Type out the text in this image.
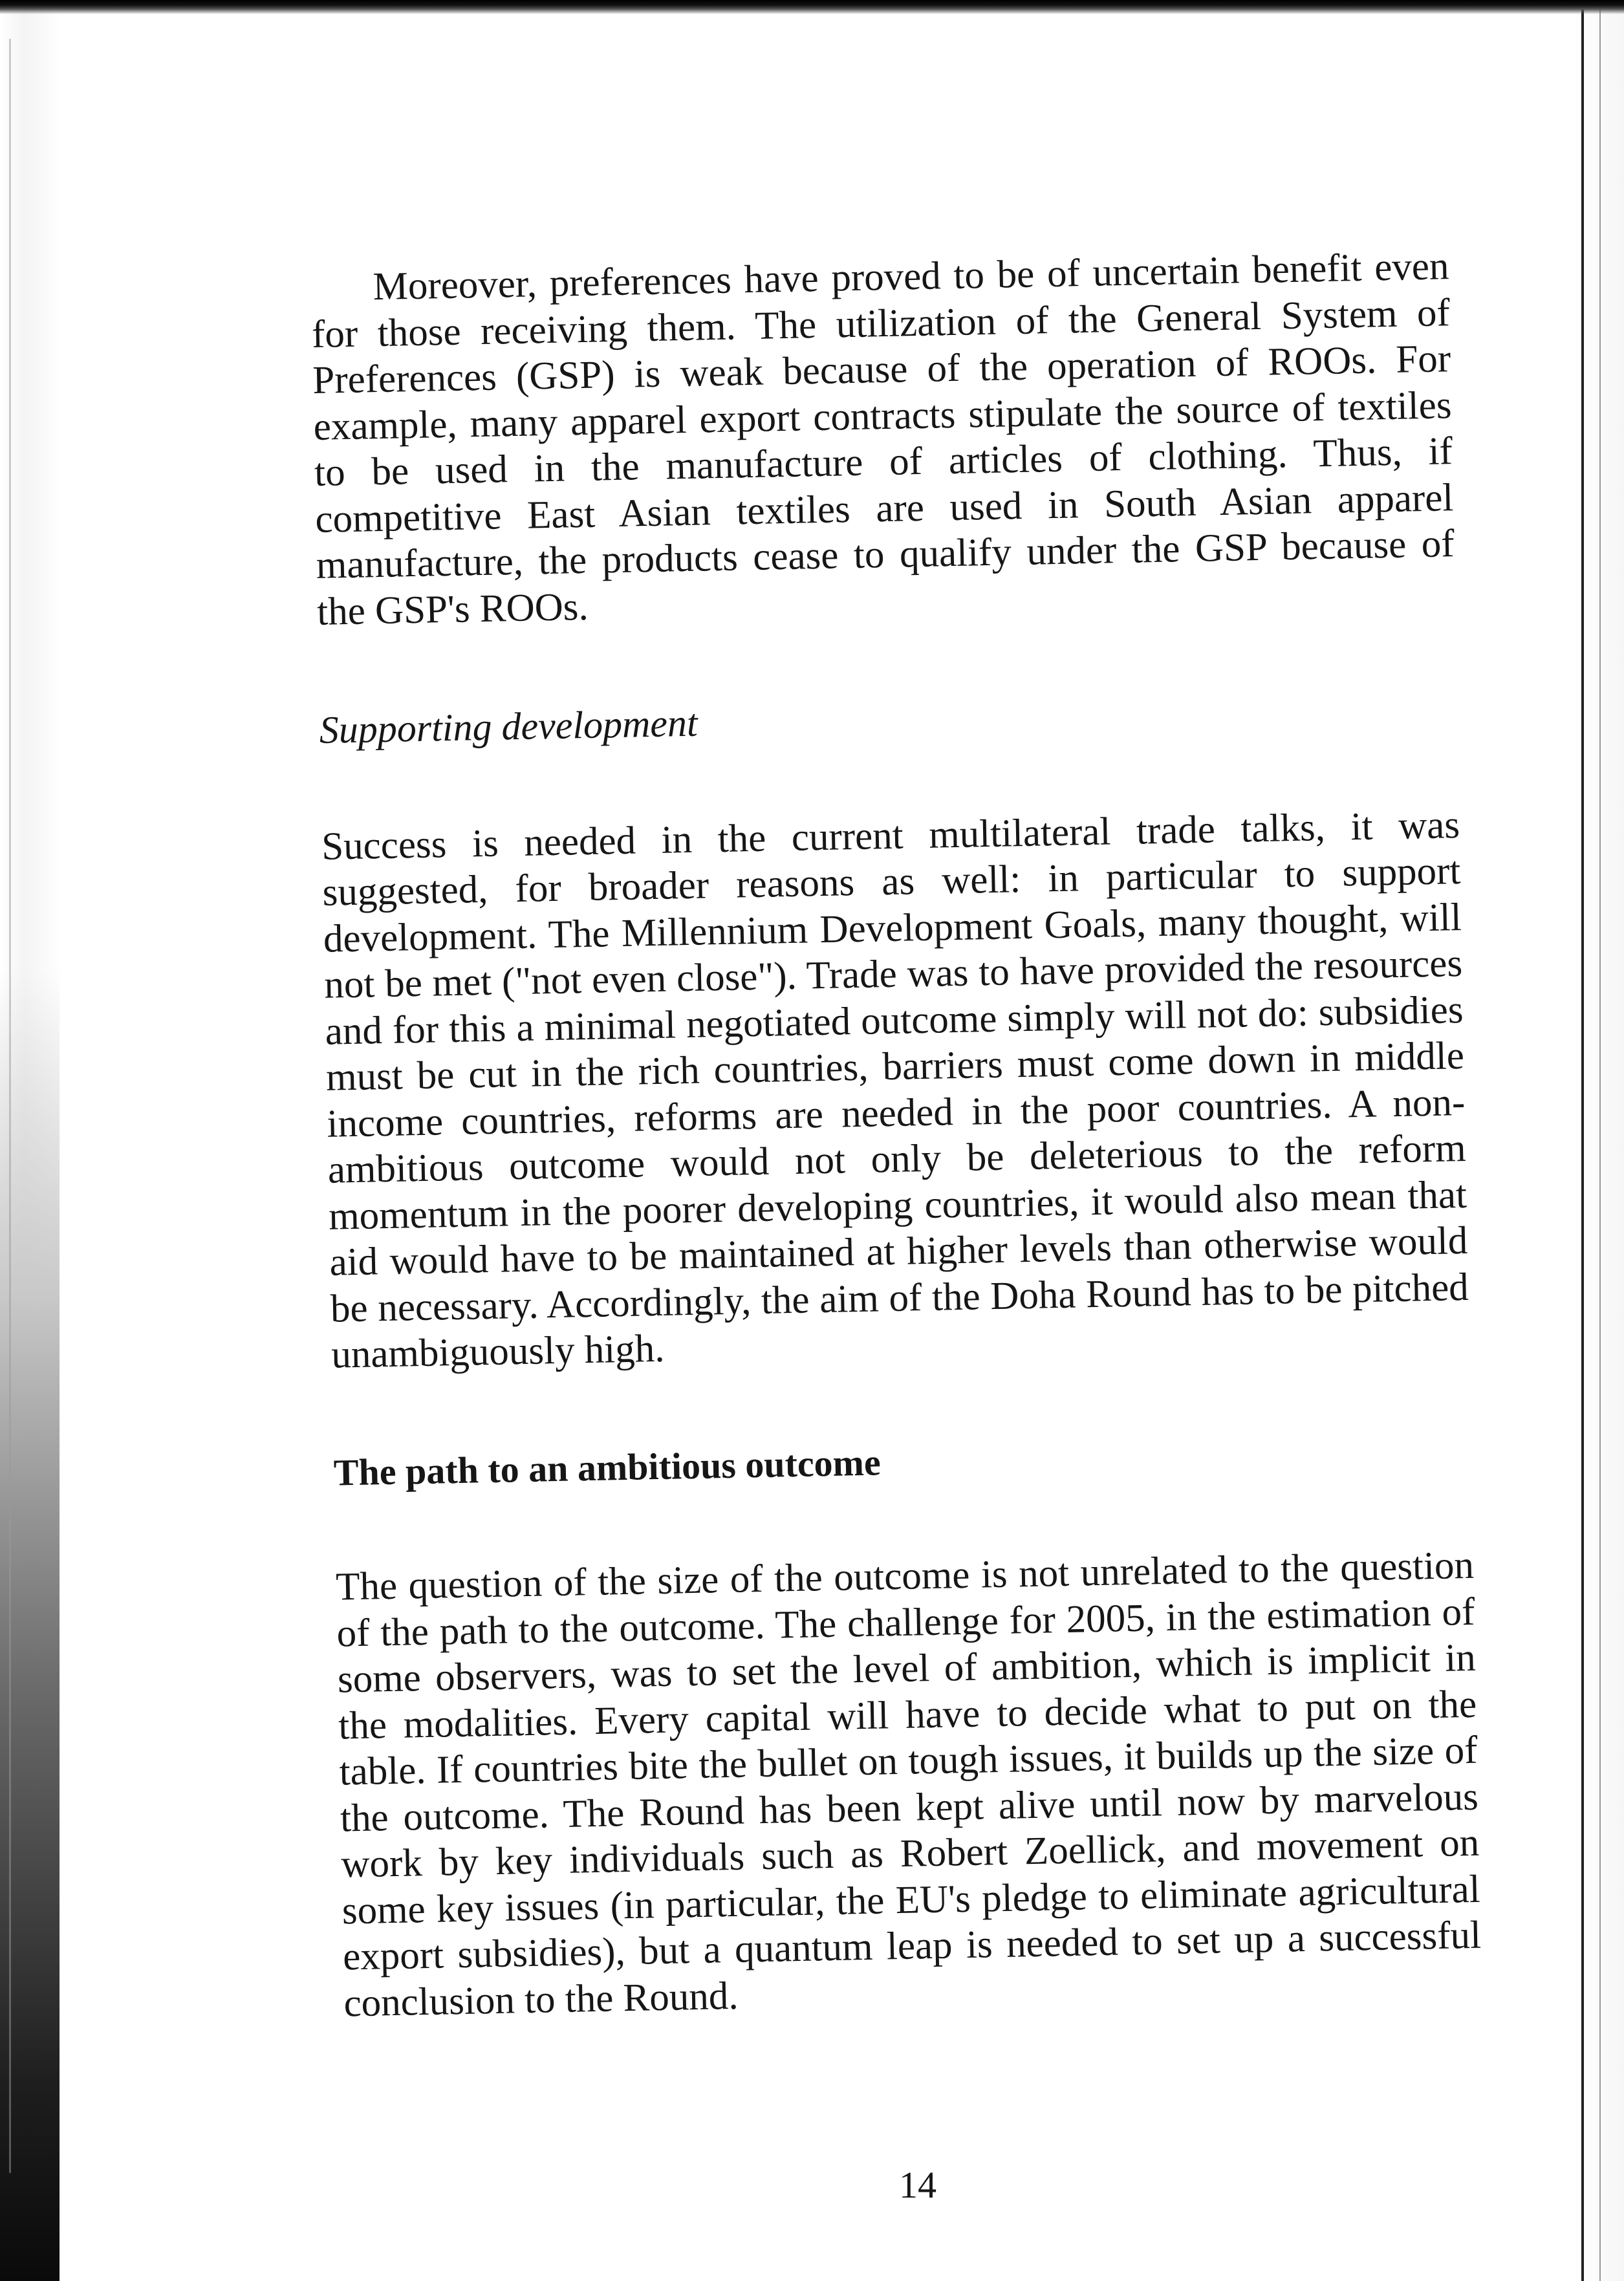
Moreover, preferences have proved to be of uncertain benefit even for those receiving them. The utilization of the General System of Preferences (GSP) is weak because of the operation of ROOs. For example, many apparel export contracts stipulate the source of textiles to be used in the manufacture of articles of clothing. Thus, if competitive East Asian textiles are used in South Asian apparel manufacture, the products cease to qualify under the GSP because of the GSP's ROOs.

Supporting development

Success is needed in the current multilateral trade talks, it was suggested, for broader reasons as well: in particular to support development. The Millennium Development Goals, many thought, will not be met ("not even close"). Trade was to have provided the resources and for this a minimal negotiated outcome simply will not do: subsidies must be cut in the rich countries, barriers must come down in middle income countries, reforms are needed in the poor countries. A non-ambitious outcome would not only be deleterious to the reform momentum in the poorer developing countries, it would also mean that aid would have to be maintained at higher levels than otherwise would be necessary. Accordingly, the aim of the Doha Round has to be pitched unambiguously high.

The path to an ambitious outcome

The question of the size of the outcome is not unrelated to the question of the path to the outcome. The challenge for 2005, in the estimation of some observers, was to set the level of ambition, which is implicit in the modalities. Every capital will have to decide what to put on the table. If countries bite the bullet on tough issues, it builds up the size of the outcome. The Round has been kept alive until now by marvelous work by key individuals such as Robert Zoellick, and movement on some key issues (in particular, the EU's pledge to eliminate agricultural export subsidies), but a quantum leap is needed to set up a successful conclusion to the Round.

14
